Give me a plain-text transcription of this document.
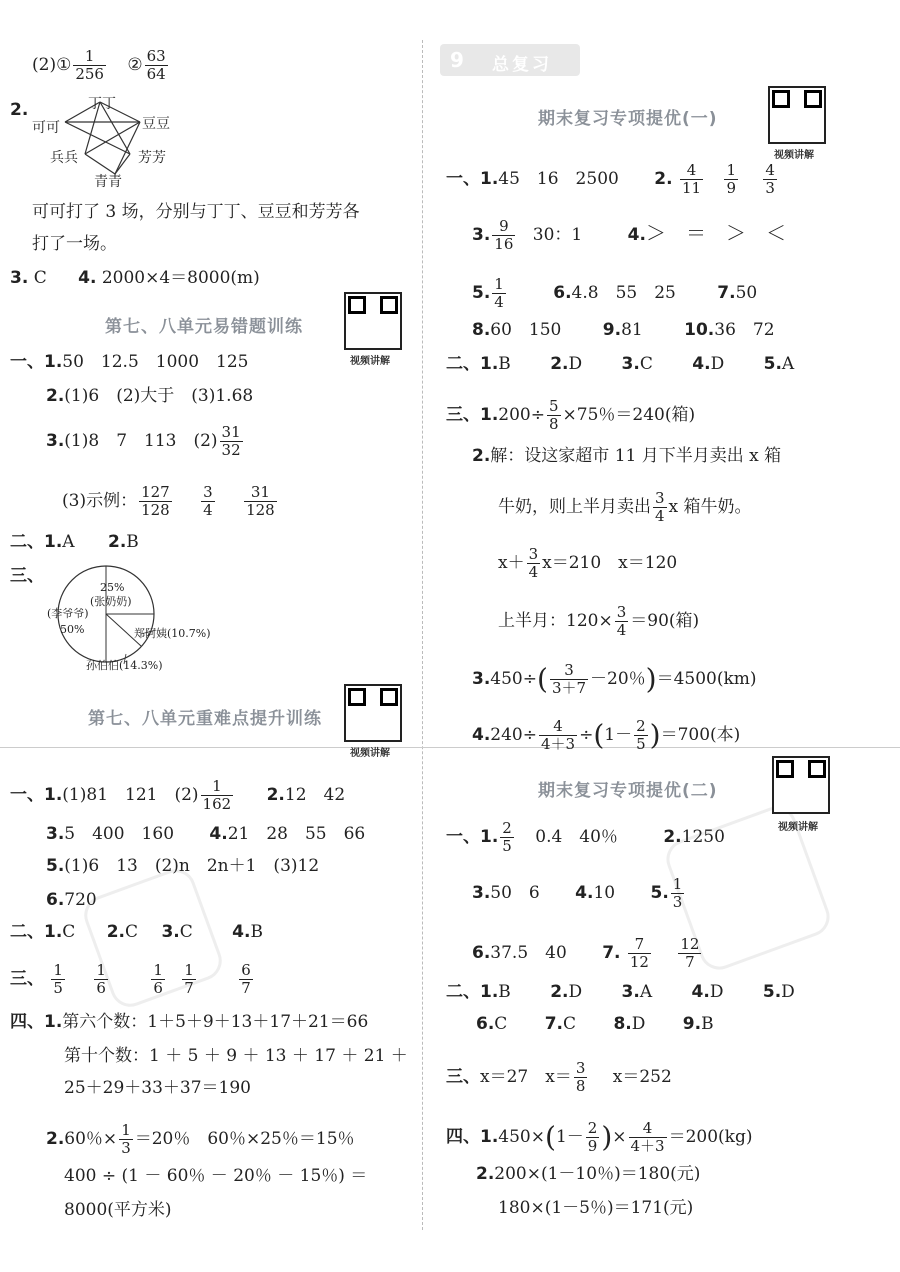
(2)① $\frac{1}{256}$ ② $\frac{63}{64}$
2.	丁丁
可可	豆豆
兵兵	芳芳
青青
可可打了 3 场，分别与丁丁、豆豆和芳芳各
打了一场。
3. C 4. 2000×4＝8000(m)
第七、八单元易错题训练
视频讲解
一、1.50　12.5　1000　125
2.(1)6　(2)大于　(3)1.68
3.(1)8　7　113　$(2) \frac{31}{32}$
(3)示例： $\frac{127}{128}$
$\frac{3}{4}$
$\frac{31}{128}$
二、1.A 2.B
三、
25%
(张奶奶)
(李爷爷)
50%	郑阿姨(10.7%)
孙伯伯(14.3%)
第七、八单元重难点提升训练
视频讲解
一、1.(1)81　121　$(2) \frac{1}{162} 2.12$　42
3.5　400　160 4.21　28　55　66
5.(1)6　13　(2)n　2n＋1　(3)12
6.720
二、1.C 2.C 3.C 4.B
三、 $\frac{1}{5}$
$\frac{1}{6}$
	$\frac{1}{6}$
$\frac{1}{7}$
	$\frac{6}{7}$
四、1.第六个数：1＋5＋9＋13＋17＋21＝66
第十个数：1 ＋ 5 ＋ 9 ＋ 13 ＋ 17 ＋ 21 ＋
25＋29＋33＋37＝190
2.60％× $\frac{1}{3} =20$％　60％×25％＝15％
400 ÷ (1 － 60％ － 20％ － 15％) ＝
8000(平方米)
9 总复习
期末复习专项提优(一)
视频讲解
一、1.45　16　2500 2. $\frac{4}{11}$
$\frac{1}{9}$
$\frac{4}{3}$
3. $\frac{9}{16} 30$：1	4.＞　＝　＞　＜
5. $\frac{1}{4}$	6.4.8　55　25 7.50
8.60　150 9.81 10.36　72
二、1.B 2.D 3.C 4.D 5.A
三、$1.200\div \frac{5}{8} \times 75$％＝240(箱)
2.解：设这家超市 11 月下半月卖出 x 箱
牛奶，则上半月卖出 $\frac{3}{4}$ x 箱牛奶。
$x+ \frac{3}{4} x=210$　x＝120
上半月：$120\times \frac{3}{4} =90$(箱)
$3.450\div( \frac{3}{3+7} -20$％)＝4500(km)
$4.240\div \frac{4}{4+3} \div(1- \frac{2}{5} )=700$(本)
期末复习专项提优(二)
视频讲解
一、1. $\frac{2}{5} 0.4$　40％	2.1250
3.50　6 4.10 5. $\frac{1}{3}$
6.37.5　40 7. $\frac{7}{12}$
$\frac{12}{7}$
二、1.B 2.D 3.A 4.D 5.D
6.C 7.C 8.D 9.B
三、x＝27　$x= \frac{3}{8} x=252$
四、$1.450\times(1- \frac{2}{9}$ )× $\frac{4}{4+3} =200(kg)$
2.200×(1－10％)＝180(元)
180×(1－5％)＝171(元)
